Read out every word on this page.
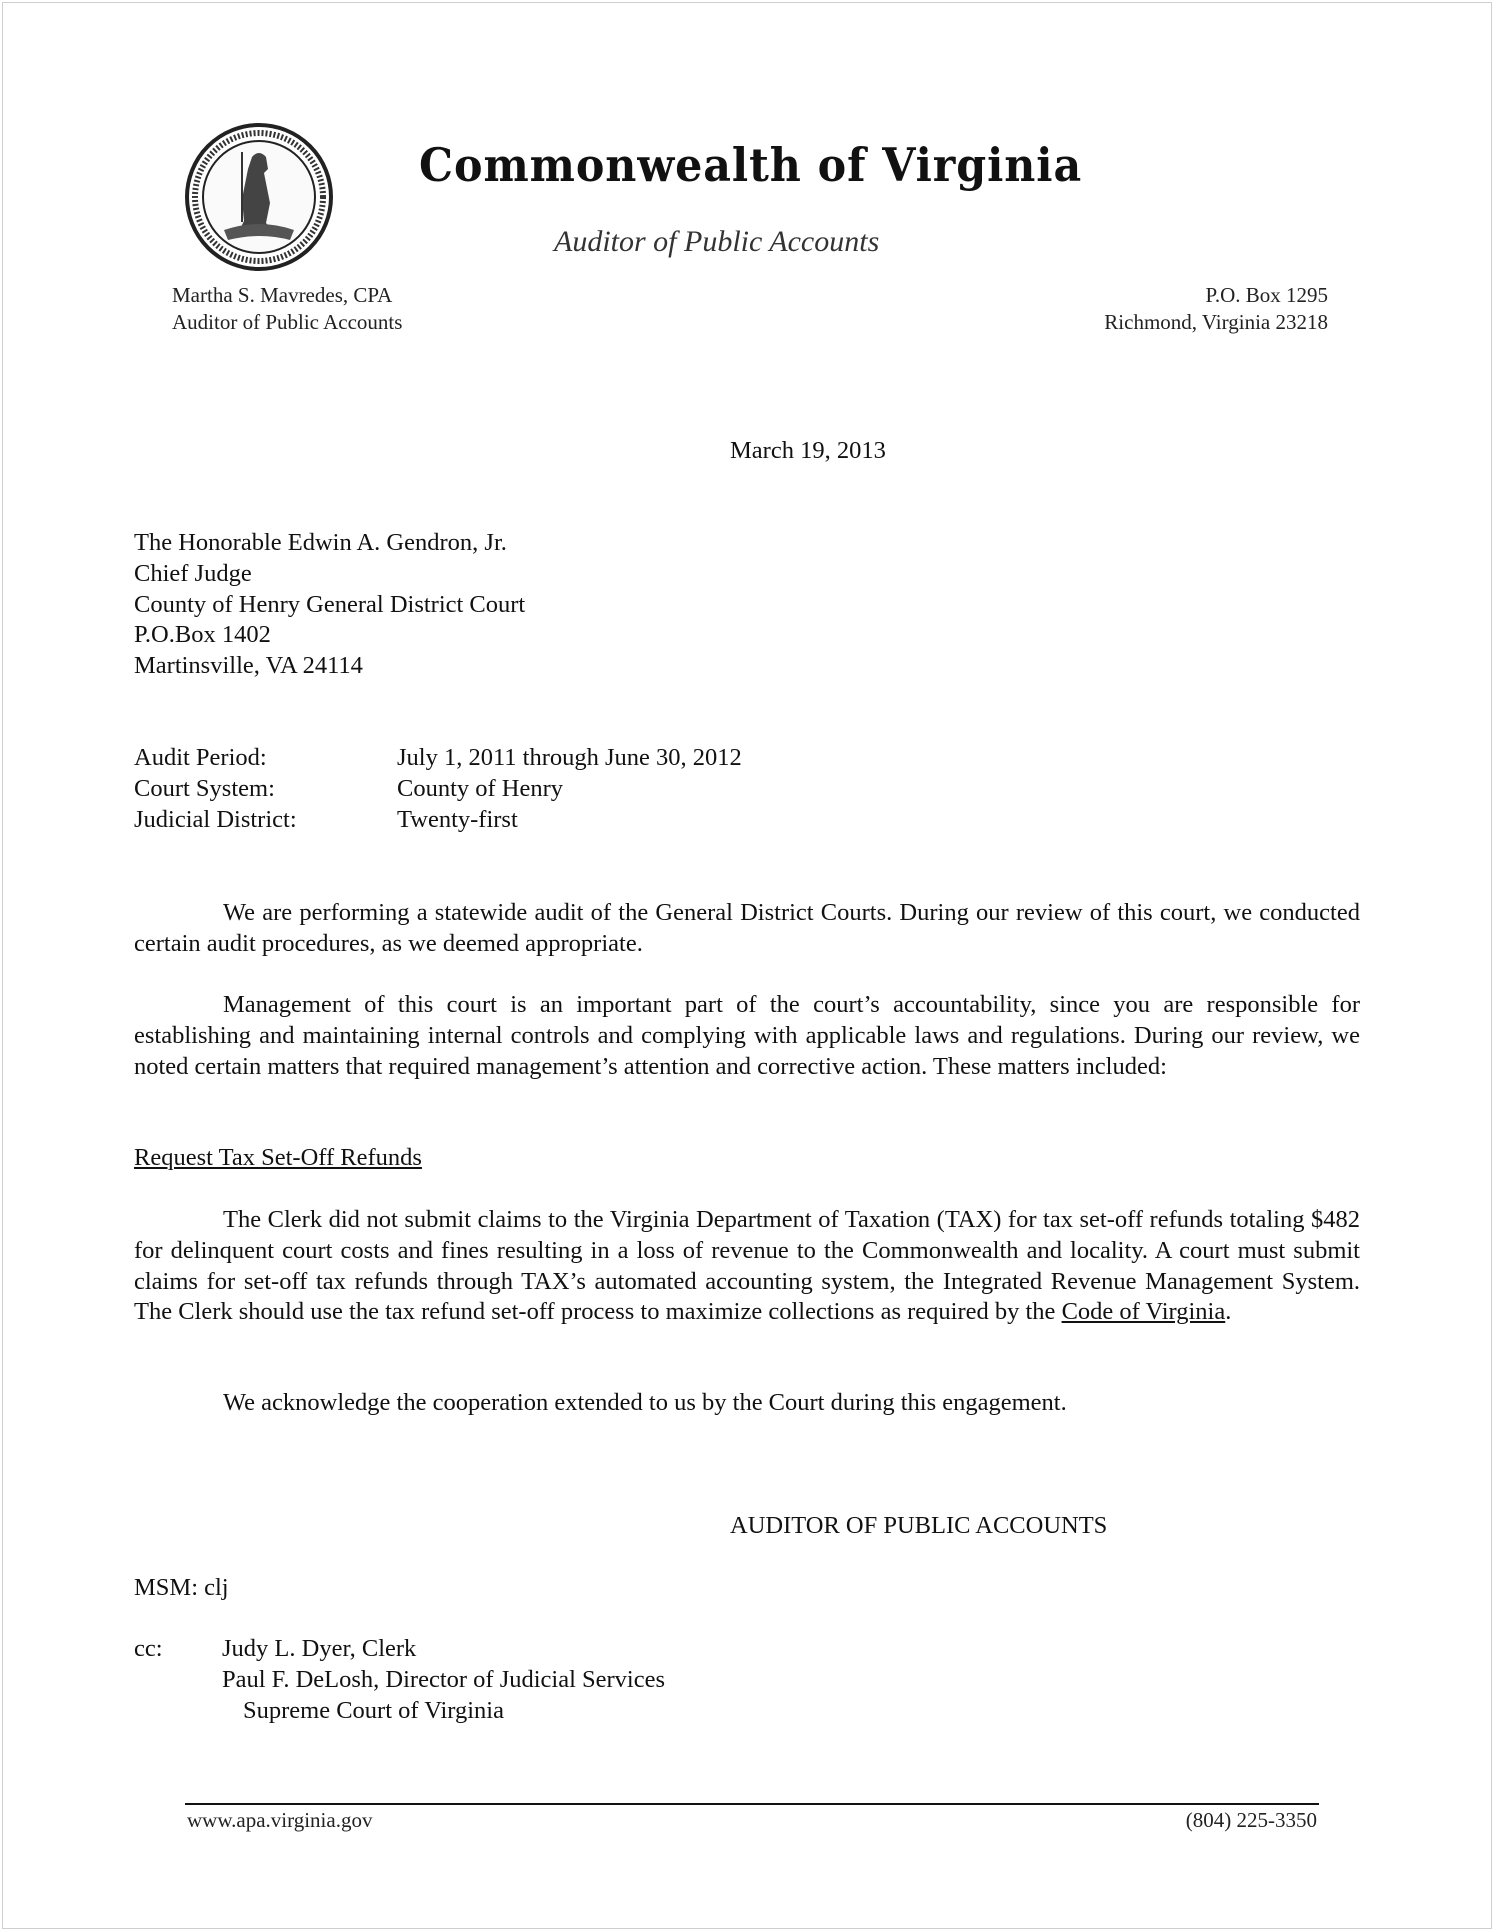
Commonwealth of Virginia
Auditor of Public Accounts
Martha S. Mavredes, CPA
Auditor of Public Accounts
P.O. Box 1295
Richmond, Virginia 23218
March 19, 2013
The Honorable Edwin A. Gendron, Jr.
Chief Judge
County of Henry General District Court
P.O.Box 1402
Martinsville, VA 24114
Audit Period:	July 1, 2011 through June 30, 2012
Court System:	County of Henry
Judicial District:	Twenty-first
We are performing a statewide audit of the General District Courts. During our review of this court, we conducted certain audit procedures, as we deemed appropriate.
Management of this court is an important part of the court’s accountability, since you are responsible for establishing and maintaining internal controls and complying with applicable laws and regulations. During our review, we noted certain matters that required management’s attention and corrective action. These matters included:
Request Tax Set-Off Refunds
The Clerk did not submit claims to the Virginia Department of Taxation (TAX) for tax set-off refunds totaling $482 for delinquent court costs and fines resulting in a loss of revenue to the Commonwealth and locality. A court must submit claims for set-off tax refunds through TAX’s automated accounting system, the Integrated Revenue Management System. The Clerk should use the tax refund set-off process to maximize collections as required by the Code of Virginia.
We acknowledge the cooperation extended to us by the Court during this engagement.
AUDITOR OF PUBLIC ACCOUNTS
MSM: clj
cc: Judy L. Dyer, Clerk
Paul F. DeLosh, Director of Judicial Services
Supreme Court of Virginia
www.apa.virginia.gov	(804) 225-3350
